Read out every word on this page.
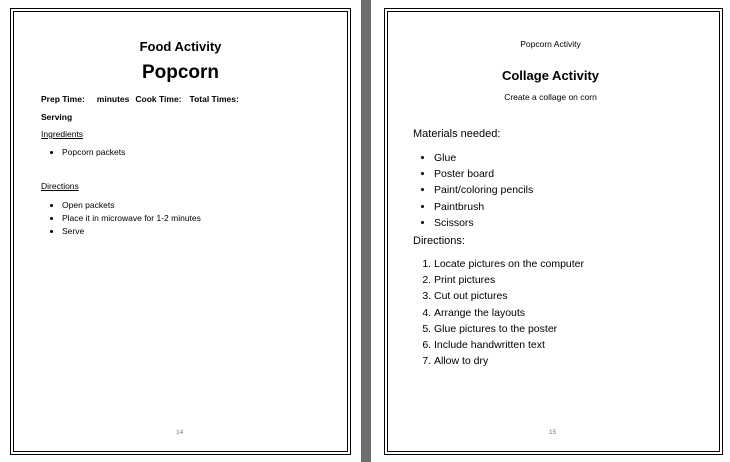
Food Activity
Popcorn
Prep Time: minutes Cook Time: Total Times:
Serving
Ingredients
• Popcorn packets
Directions
• Open packets
• Place it in microwave for 1-2 minutes
• Serve
14
Popcorn Activity
Collage Activity
Create a collage on corn
Materials needed:
• Glue
• Poster board
• Paint/coloring pencils
• Paintbrush
• Scissors
Directions:
1. Locate pictures on the computer
2. Print pictures
3. Cut out pictures
4. Arrange the layouts
5. Glue pictures to the poster
6. Include handwritten text
7. Allow to dry
15
